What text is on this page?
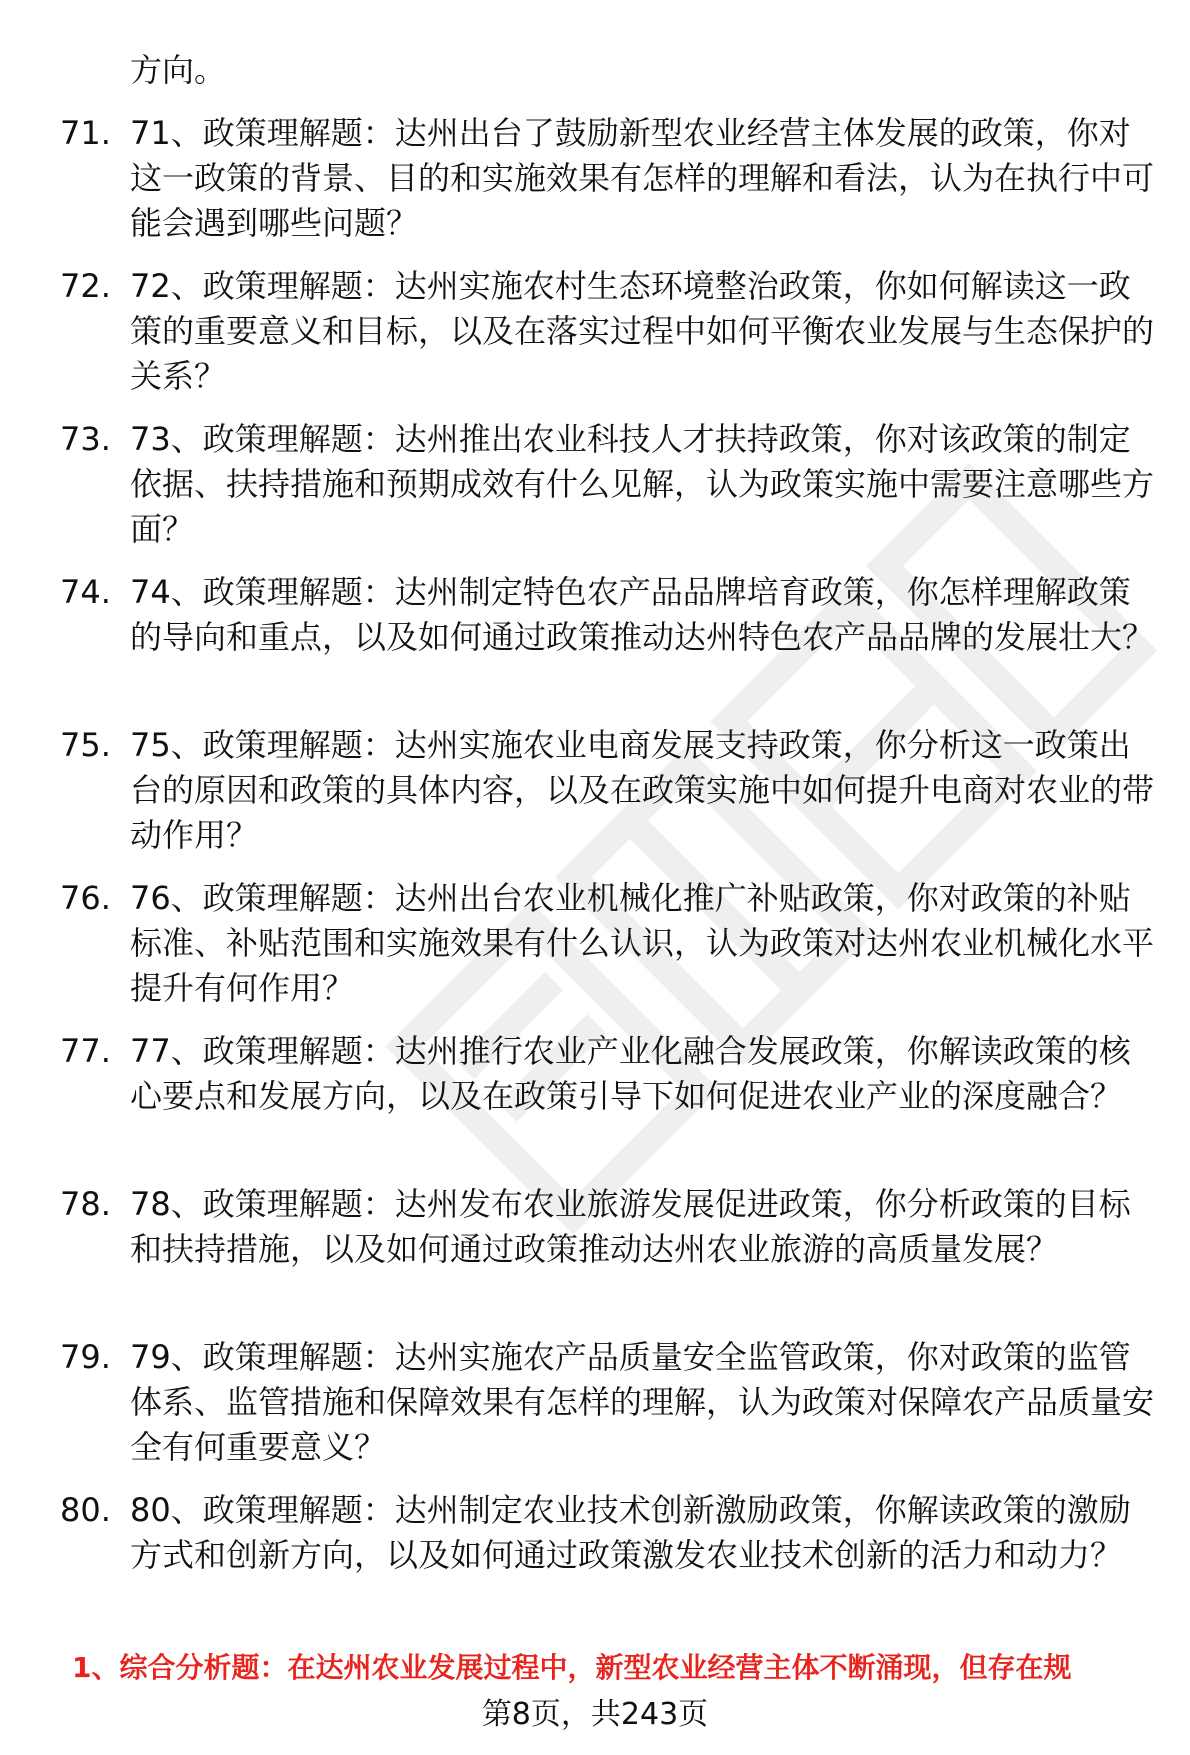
方向。

71. 71、政策理解题：达州出台了鼓励新型农业经营主体发展的政策，你对这一政策的背景、目的和实施效果有怎样的理解和看法，认为在执行中可能会遇到哪些问题？

72. 72、政策理解题：达州实施农村生态环境整治政策，你如何解读这一政策的重要意义和目标，以及在落实过程中如何平衡农业发展与生态保护的关系？

73. 73、政策理解题：达州推出农业科技人才扶持政策，你对该政策的制定依据、扶持措施和预期成效有什么见解，认为政策实施中需要注意哪些方面？

74. 74、政策理解题：达州制定特色农产品品牌培育政策，你怎样理解政策的导向和重点，以及如何通过政策推动达州特色农产品品牌的发展壮大？

75. 75、政策理解题：达州实施农业电商发展支持政策，你分析这一政策出台的原因和政策的具体内容，以及在政策实施中如何提升电商对农业的带动作用？

76. 76、政策理解题：达州出台农业机械化推广补贴政策，你对政策的补贴标准、补贴范围和实施效果有什么认识，认为政策对达州农业机械化水平提升有何作用？

77. 77、政策理解题：达州推行农业产业化融合发展政策，你解读政策的核心要点和发展方向，以及在政策引导下如何促进农业产业的深度融合？

78. 78、政策理解题：达州发布农业旅游发展促进政策，你分析政策的目标和扶持措施，以及如何通过政策推动达州农业旅游的高质量发展？

79. 79、政策理解题：达州实施农产品质量安全监管政策，你对政策的监管体系、监管措施和保障效果有怎样的理解，认为政策对保障农产品质量安全有何重要意义？

80. 80、政策理解题：达州制定农业技术创新激励政策，你解读政策的激励方式和创新方向，以及如何通过政策激发农业技术创新的活力和动力？

1、综合分析题：在达州农业发展过程中，新型农业经营主体不断涌现，但存在规

第8页，共243页
